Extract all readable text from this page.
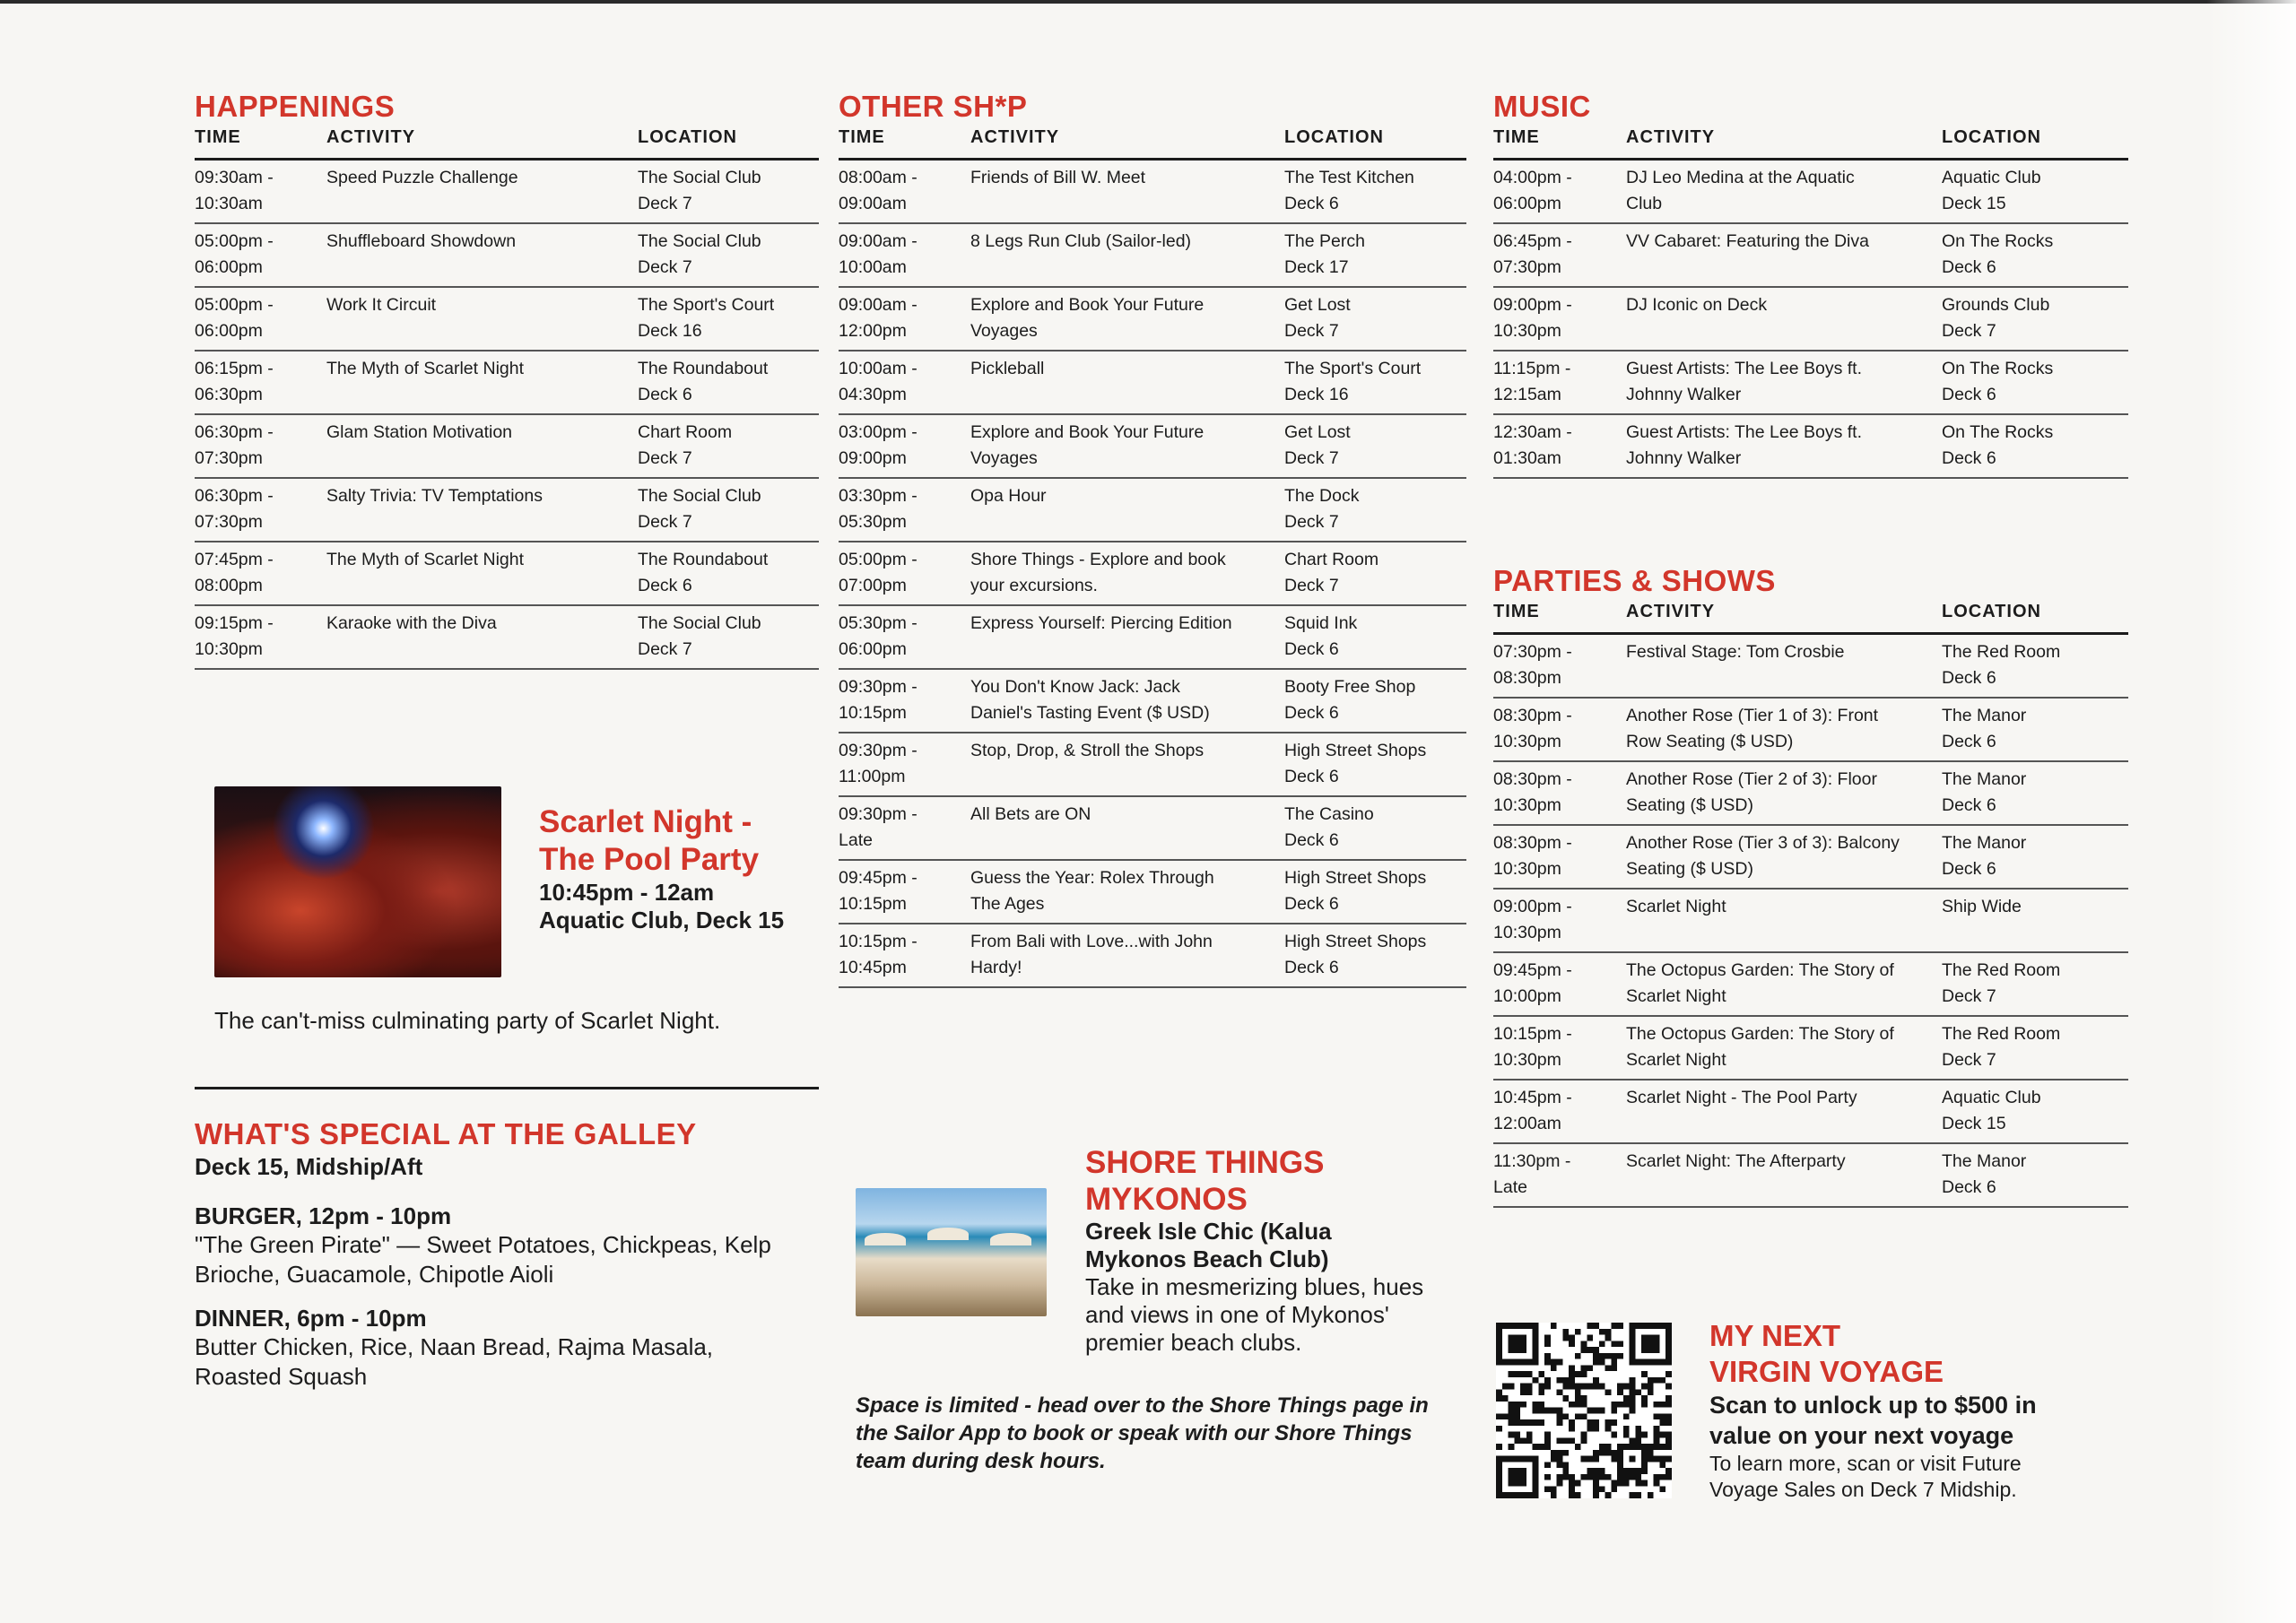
HAPPENINGS
TIME	ACTIVITY	LOCATION

09:30am -
10:30am	Speed Puzzle Challenge	The Social Club
Deck 7

05:00pm -
06:00pm	Shuffleboard Showdown	The Social Club
Deck 7

05:00pm -
06:00pm	Work It Circuit	The Sport's Court
Deck 16

06:15pm -
06:30pm	The Myth of Scarlet Night	The Roundabout
Deck 6

06:30pm -
07:30pm	Glam Station Motivation	Chart Room
Deck 7

06:30pm -
07:30pm	Salty Trivia: TV Temptations	The Social Club
Deck 7

07:45pm -
08:00pm	The Myth of Scarlet Night	The Roundabout
Deck 6

09:15pm -
10:30pm	Karaoke with the Diva	The Social Club
Deck 7
Scarlet Night -
The Pool Party
10:45pm - 12am
Aquatic Club, Deck 15
The can't-miss culminating party of Scarlet Night.
WHAT'S SPECIAL AT THE GALLEY
Deck 15, Midship/Aft
BURGER, 12pm - 10pm
"The Green Pirate" — Sweet Potatoes, Chickpeas, Kelp Brioche, Guacamole, Chipotle Aioli
DINNER, 6pm - 10pm
Butter Chicken, Rice, Naan Bread, Rajma Masala, Roasted Squash
OTHER SH*P
TIME	ACTIVITY	LOCATION

08:00am -
09:00am	Friends of Bill W. Meet	The Test Kitchen
Deck 6

09:00am -
10:00am	8 Legs Run Club (Sailor-led)	The Perch
Deck 17

09:00am -
12:00pm	Explore and Book Your Future
Voyages	Get Lost
Deck 7

10:00am -
04:30pm	Pickleball	The Sport's Court
Deck 16

03:00pm -
09:00pm	Explore and Book Your Future
Voyages	Get Lost
Deck 7

03:30pm -
05:30pm	Opa Hour	The Dock
Deck 7

05:00pm -
07:00pm	Shore Things - Explore and book
your excursions.	Chart Room
Deck 7

05:30pm -
06:00pm	Express Yourself: Piercing Edition	Squid Ink
Deck 6

09:30pm -
10:15pm	You Don't Know Jack: Jack
Daniel's Tasting Event ($ USD)	Booty Free Shop
Deck 6

09:30pm -
11:00pm	Stop, Drop, & Stroll the Shops	High Street Shops
Deck 6

09:30pm -
Late	All Bets are ON	The Casino
Deck 6

09:45pm -
10:15pm	Guess the Year: Rolex Through
The Ages	High Street Shops
Deck 6

10:15pm -
10:45pm	From Bali with Love...with John
Hardy!	High Street Shops
Deck 6
SHORE THINGS
MYKONOS
Greek Isle Chic (Kalua
Mykonos Beach Club)
Take in mesmerizing blues, hues and views in one of Mykonos' premier beach clubs.
Space is limited - head over to the Shore Things page in the Sailor App to book or speak with our Shore Things team during desk hours.
MUSIC
TIME	ACTIVITY	LOCATION

04:00pm -
06:00pm	DJ Leo Medina at the Aquatic
Club	Aquatic Club
Deck 15

06:45pm -
07:30pm	VV Cabaret: Featuring the Diva	On The Rocks
Deck 6

09:00pm -
10:30pm	DJ Iconic on Deck	Grounds Club
Deck 7

11:15pm -
12:15am	Guest Artists: The Lee Boys ft.
Johnny Walker	On The Rocks
Deck 6

12:30am -
01:30am	Guest Artists: The Lee Boys ft.
Johnny Walker	On The Rocks
Deck 6
PARTIES & SHOWS
TIME	ACTIVITY	LOCATION

07:30pm -
08:30pm	Festival Stage: Tom Crosbie	The Red Room
Deck 6

08:30pm -
10:30pm	Another Rose (Tier 1 of 3): Front
Row Seating ($ USD)	The Manor
Deck 6

08:30pm -
10:30pm	Another Rose (Tier 2 of 3): Floor
Seating ($ USD)	The Manor
Deck 6

08:30pm -
10:30pm	Another Rose (Tier 3 of 3): Balcony
Seating ($ USD)	The Manor
Deck 6

09:00pm -
10:30pm	Scarlet Night	Ship Wide

09:45pm -
10:00pm	The Octopus Garden: The Story of
Scarlet Night	The Red Room
Deck 7

10:15pm -
10:30pm	The Octopus Garden: The Story of
Scarlet Night	The Red Room
Deck 7

10:45pm -
12:00am	Scarlet Night - The Pool Party	Aquatic Club
Deck 15

11:30pm -
Late	Scarlet Night: The Afterparty	The Manor
Deck 6
MY NEXT
VIRGIN VOYAGE
Scan to unlock up to $500 in value on your next voyage
To learn more, scan or visit Future Voyage Sales on Deck 7 Midship.
